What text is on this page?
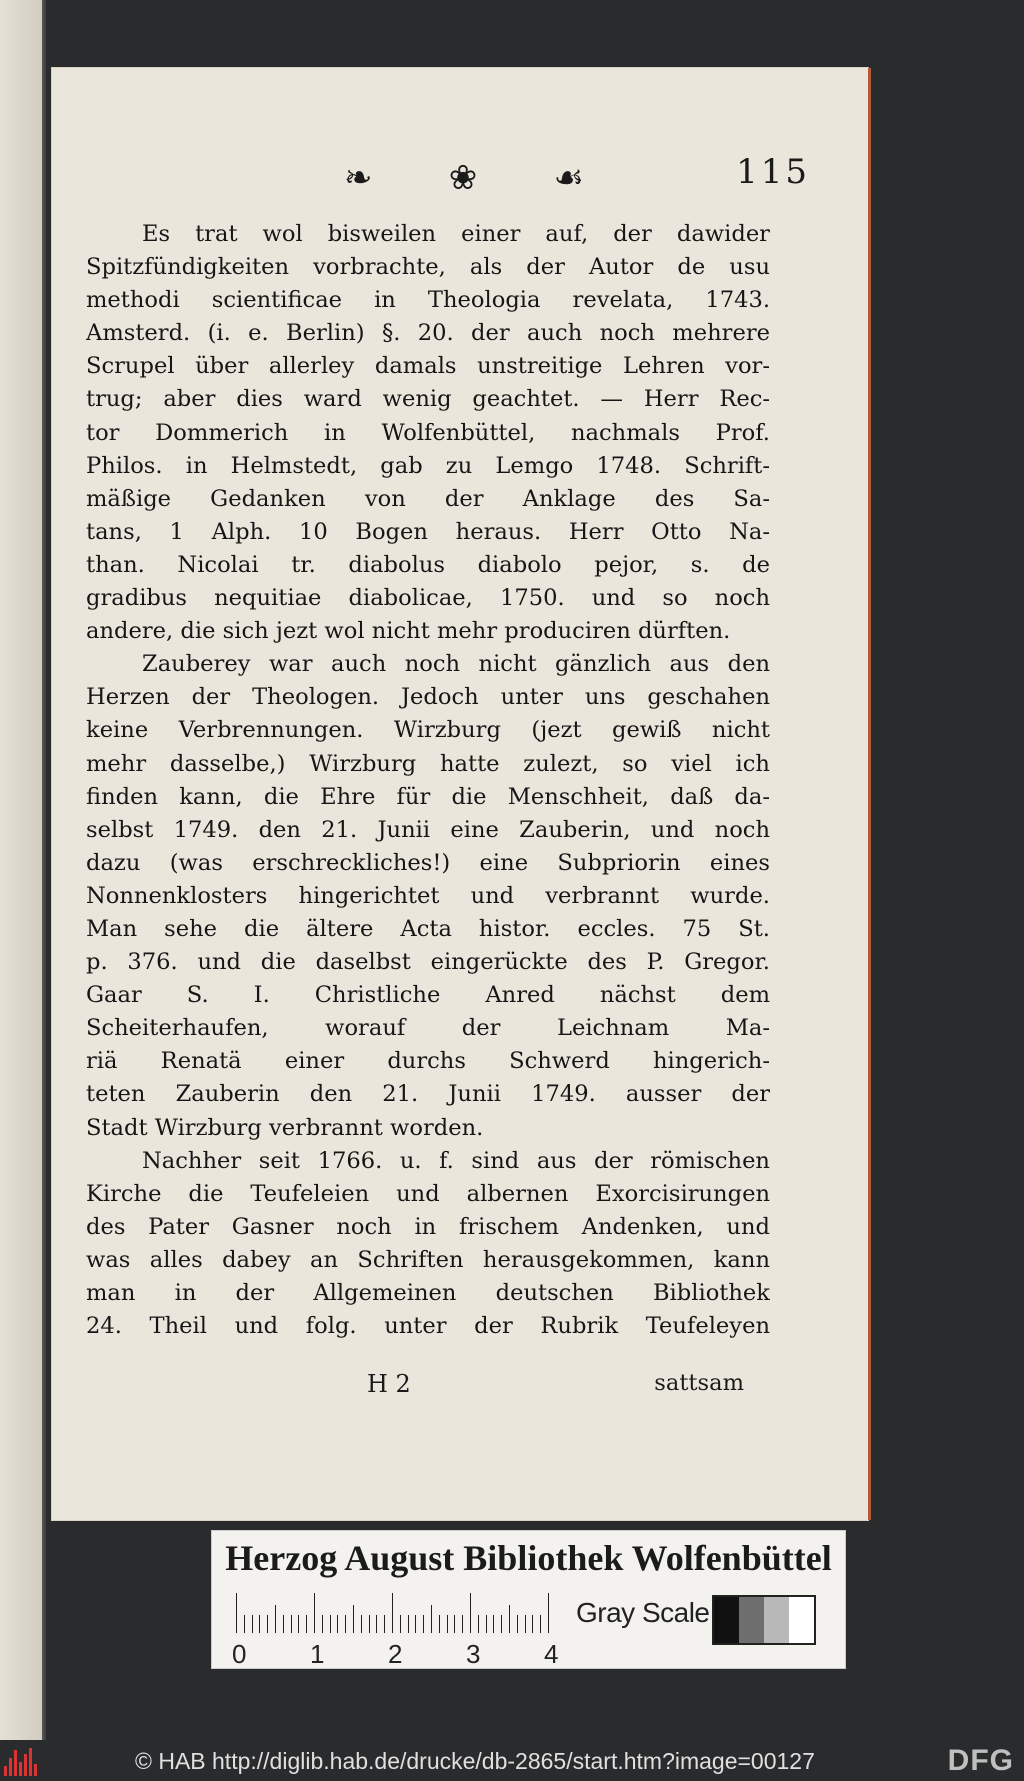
❧ ❀ ☙	115
Es trat wol bisweilen einer auf, der dawider
Spitzfündigkeiten vorbrachte, als der Autor de usu
methodi scientificae in Theologia revelata, 1743.
Amsterd. (i. e. Berlin) §. 20. der auch noch mehrere
Scrupel über allerley damals unstreitige Lehren vor-
trug; aber dies ward wenig geachtet. — Herr Rec-
tor Dommerich in Wolfenbüttel, nachmals Prof.
Philos. in Helmstedt, gab zu Lemgo 1748. Schrift-
mäßige Gedanken von der Anklage des Sa-
tans, 1 Alph. 10 Bogen heraus. Herr Otto Na-
than. Nicolai tr. diabolus diabolo pejor, s. de
gradibus nequitiae diabolicae, 1750. und so noch
andere, die sich jezt wol nicht mehr produciren dürften.
Zauberey war auch noch nicht gänzlich aus den
Herzen der Theologen. Jedoch unter uns geschahen
keine Verbrennungen. Wirzburg (jezt gewiß nicht
mehr dasselbe,) Wirzburg hatte zulezt, so viel ich
finden kann, die Ehre für die Menschheit, daß da-
selbst 1749. den 21. Junii eine Zauberin, und noch
dazu (was erschreckliches!) eine Subpriorin eines
Nonnenklosters hingerichtet und verbrannt wurde.
Man sehe die ältere Acta histor. eccles. 75 St.
p. 376. und die daselbst eingerückte des P. Gregor.
Gaar S. I. Christliche Anred nächst dem
Scheiterhaufen, worauf der Leichnam Ma-
riä Renatä einer durchs Schwerd hingerich-
teten Zauberin den 21. Junii 1749. ausser der
Stadt Wirzburg verbrannt worden.
Nachher seit 1766. u. f. sind aus der römischen
Kirche die Teufeleien und albernen Exorcisirungen
des Pater Gasner noch in frischem Andenken, und
was alles dabey an Schriften herausgekommen, kann
man in der Allgemeinen deutschen Bibliothek
24. Theil und folg. unter der Rubrik Teufeleyen
H 2	sattsam
Herzog August Bibliothek Wolfenbüttel
0 1 2 3 4
Gray Scale
© HAB http://diglib.hab.de/drucke/db-2865/start.htm?image=00127	DFG
